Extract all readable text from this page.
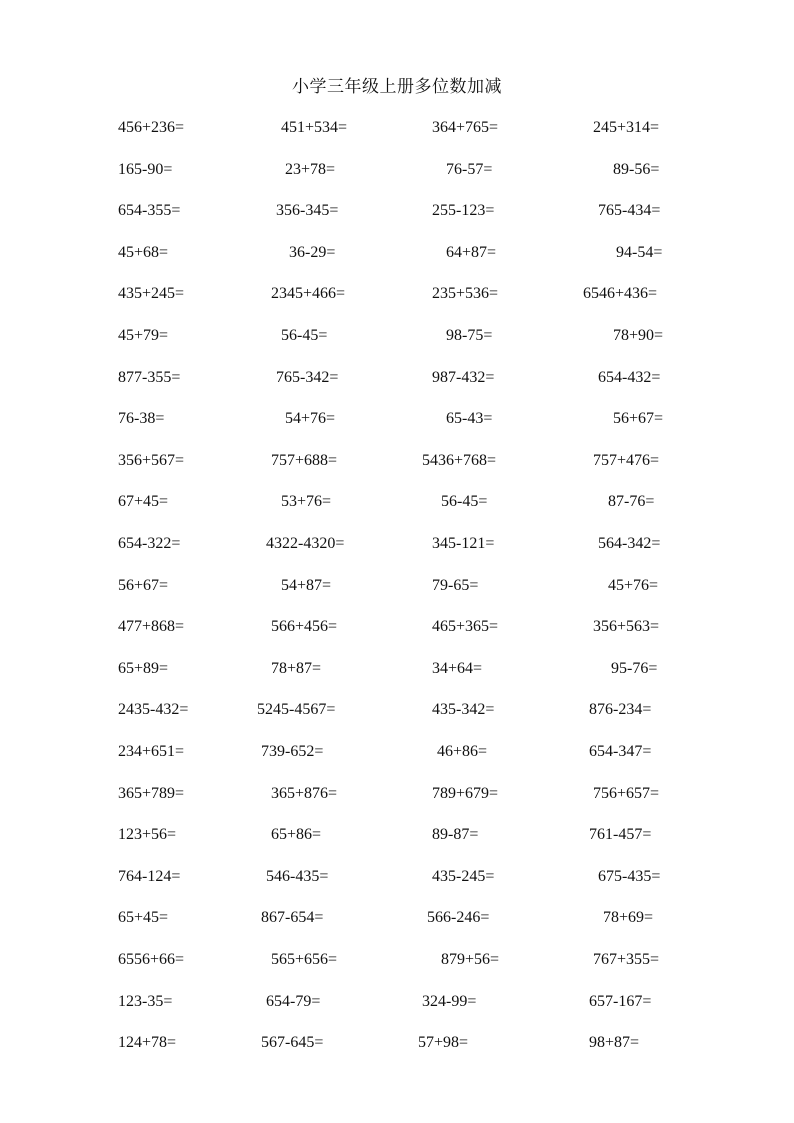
小学三年级上册多位数加减
456+236=	451+534=	364+765=	245+314=
165-90=	23+78=	76-57=	89-56=
654-355=	356-345=	255-123=	765-434=
45+68=	36-29=	64+87=	94-54=
435+245=	2345+466=	235+536=	6546+436=
45+79=	56-45=	98-75=	78+90=
877-355=	765-342=	987-432=	654-432=
76-38=	54+76=	65-43=	56+67=
356+567=	757+688=	5436+768=	757+476=
67+45=	53+76=	56-45=	87-76=
654-322=	4322-4320=	345-121=	564-342=
56+67=	54+87=	79-65=	45+76=
477+868=	566+456=	465+365=	356+563=
65+89=	78+87=	34+64=	95-76=
2435-432=	5245-4567=	435-342=	876-234=
234+651=	739-652=	46+86=	654-347=
365+789=	365+876=	789+679=	756+657=
123+56=	65+86=	89-87=	761-457=
764-124=	546-435=	435-245=	675-435=
65+45=	867-654=	566-246=	78+69=
6556+66=	565+656=	879+56=	767+355=
123-35=	654-79=	324-99=	657-167=
124+78=	567-645=	57+98=	98+87=
